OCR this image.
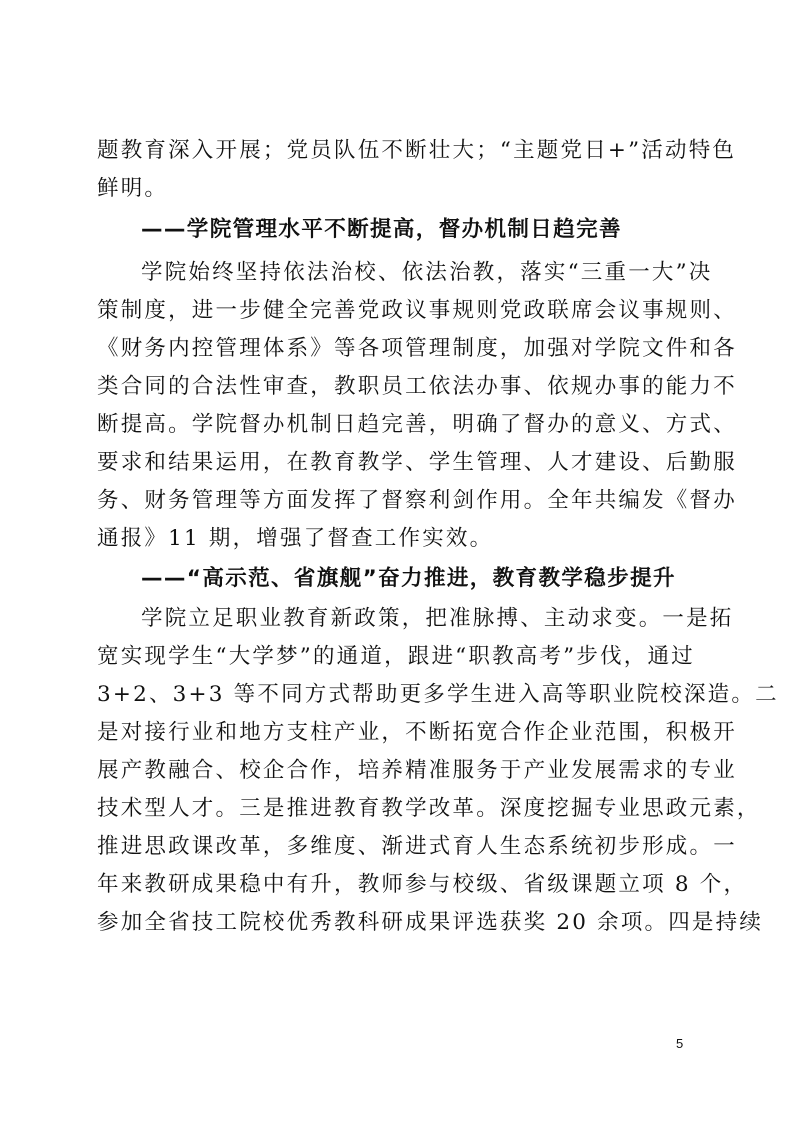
题教育深入开展；党员队伍不断壮大；“主题党日+”活动特色
鲜明。
——学院管理水平不断提高，督办机制日趋完善
学院始终坚持依法治校、依法治教，落实“三重一大”决
策制度，进一步健全完善党政议事规则党政联席会议事规则、
《财务内控管理体系》等各项管理制度，加强对学院文件和各
类合同的合法性审查，教职员工依法办事、依规办事的能力不
断提高。学院督办机制日趋完善，明确了督办的意义、方式、
要求和结果运用，在教育教学、学生管理、人才建设、后勤服
务、财务管理等方面发挥了督察利剑作用。全年共编发《督办
通报》11 期，增强了督查工作实效。
——“高示范、省旗舰”奋力推进，教育教学稳步提升
学院立足职业教育新政策，把准脉搏、主动求变。一是拓
宽实现学生“大学梦”的通道，跟进“职教高考”步伐，通过
3+2、3+3 等不同方式帮助更多学生进入高等职业院校深造。二
是对接行业和地方支柱产业，不断拓宽合作企业范围，积极开
展产教融合、校企合作，培养精准服务于产业发展需求的专业
技术型人才。三是推进教育教学改革。深度挖掘专业思政元素，
推进思政课改革，多维度、渐进式育人生态系统初步形成。一
年来教研成果稳中有升，教师参与校级、省级课题立项 8 个，
参加全省技工院校优秀教科研成果评选获奖 20 余项。四是持续
5
